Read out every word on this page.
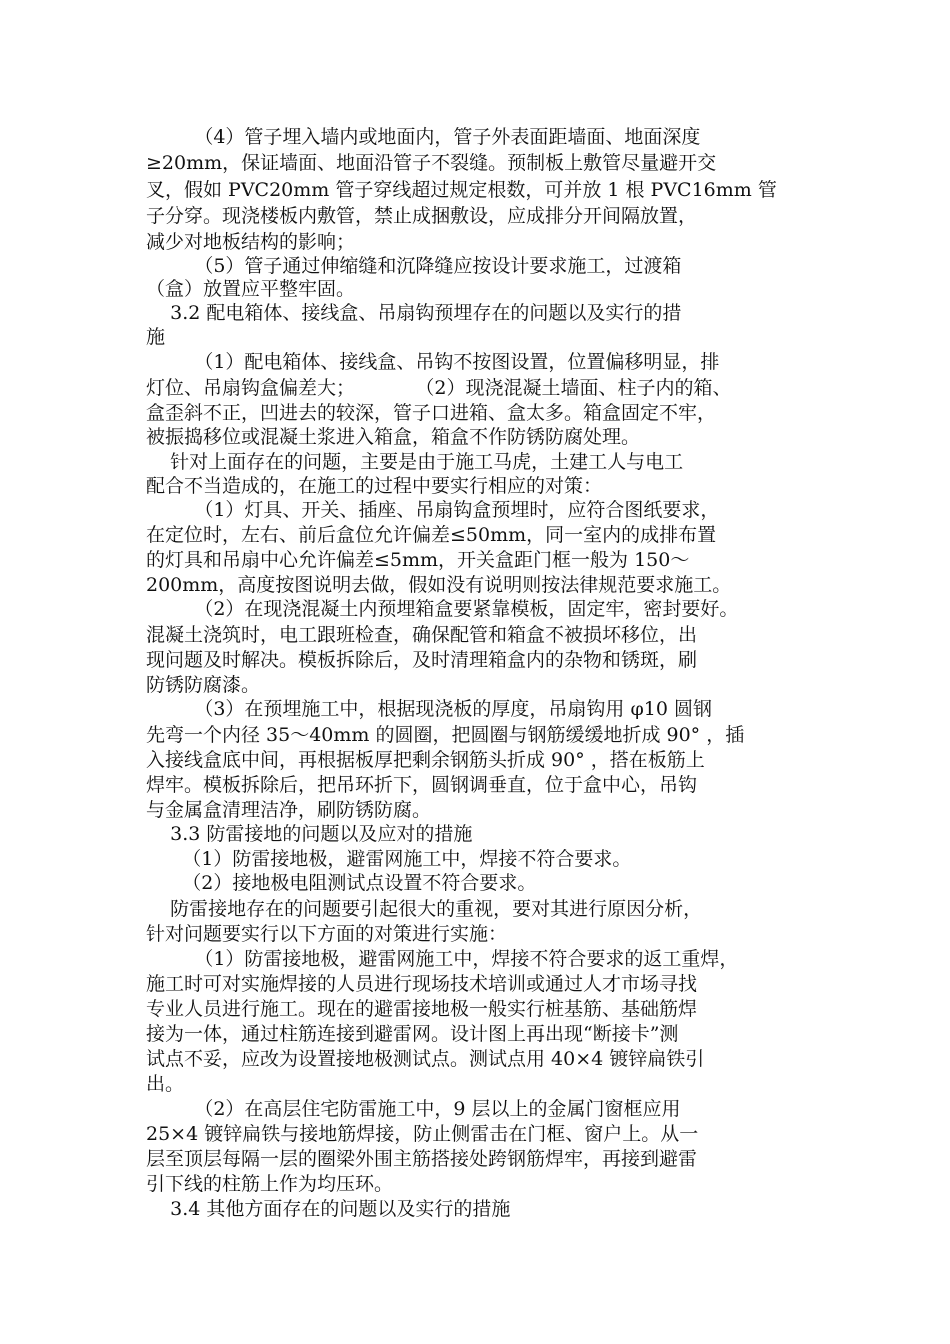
（4）管子埋入墙内或地面内，管子外表面距墙面、地面深度

≥20mm，保证墙面、地面沿管子不裂缝。预制板上敷管尽量避开交

叉，假如 PVC20mm 管子穿线超过规定根数，可并放 1 根 PVC16mm 管

子分穿。现浇楼板内敷管，禁止成捆敷设，应成排分开间隔放置，

减少对地板结构的影响；

（5）管子通过伸缩缝和沉降缝应按设计要求施工，过渡箱

（盒）放置应平整牢固。

3.2 配电箱体、接线盒、吊扇钩预埋存在的问题以及实行的措

施

（1）配电箱体、接线盒、吊钩不按图设置，位置偏移明显，排

灯位、吊扇钩盒偏差大；          （2）现浇混凝土墙面、柱子内的箱、

盒歪斜不正，凹进去的较深，管子口进箱、盒太多。箱盒固定不牢，

被振捣移位或混凝土浆进入箱盒，箱盒不作防锈防腐处理。

针对上面存在的问题，主要是由于施工马虎，土建工人与电工

配合不当造成的，在施工的过程中要实行相应的对策：

（1）灯具、开关、插座、吊扇钩盒预埋时，应符合图纸要求，

在定位时，左右、前后盒位允许偏差≤50mm，同一室内的成排布置

的灯具和吊扇中心允许偏差≤5mm，开关盒距门框一般为 150～

200mm，高度按图说明去做，假如没有说明则按法律规范要求施工。

（2）在现浇混凝土内预埋箱盒要紧靠模板，固定牢，密封要好。

混凝土浇筑时，电工跟班检查，确保配管和箱盒不被损坏移位，出

现问题及时解决。模板拆除后，及时清理箱盒内的杂物和锈斑，刷

防锈防腐漆。

（3）在预埋施工中，根据现浇板的厚度，吊扇钩用 φ10 圆钢

先弯一个内径 35～40mm 的圆圈，把圆圈与钢筋缓缓地折成 90° ，插

入接线盒底中间，再根据板厚把剩余钢筋头折成 90° ，搭在板筋上

焊牢。模板拆除后，把吊环折下，圆钢调垂直，位于盒中心，吊钩

与金属盒清理洁净，刷防锈防腐。

3.3 防雷接地的问题以及应对的措施

（1）防雷接地极，避雷网施工中，焊接不符合要求。

（2）接地极电阻测试点设置不符合要求。

防雷接地存在的问题要引起很大的重视，要对其进行原因分析，

针对问题要实行以下方面的对策进行实施：

（1）防雷接地极，避雷网施工中，焊接不符合要求的返工重焊，

施工时可对实施焊接的人员进行现场技术培训或通过人才市场寻找

专业人员进行施工。现在的避雷接地极一般实行桩基筋、基础筋焊

接为一体，通过柱筋连接到避雷网。设计图上再出现“断接卡”测

试点不妥，应改为设置接地极测试点。测试点用 40×4 镀锌扁铁引

出。

（2）在高层住宅防雷施工中，9 层以上的金属门窗框应用

25×4 镀锌扁铁与接地筋焊接，防止侧雷击在门框、窗户上。从一

层至顶层每隔一层的圈梁外围主筋搭接处跨钢筋焊牢，再接到避雷

引下线的柱筋上作为均压环。

3.4 其他方面存在的问题以及实行的措施
